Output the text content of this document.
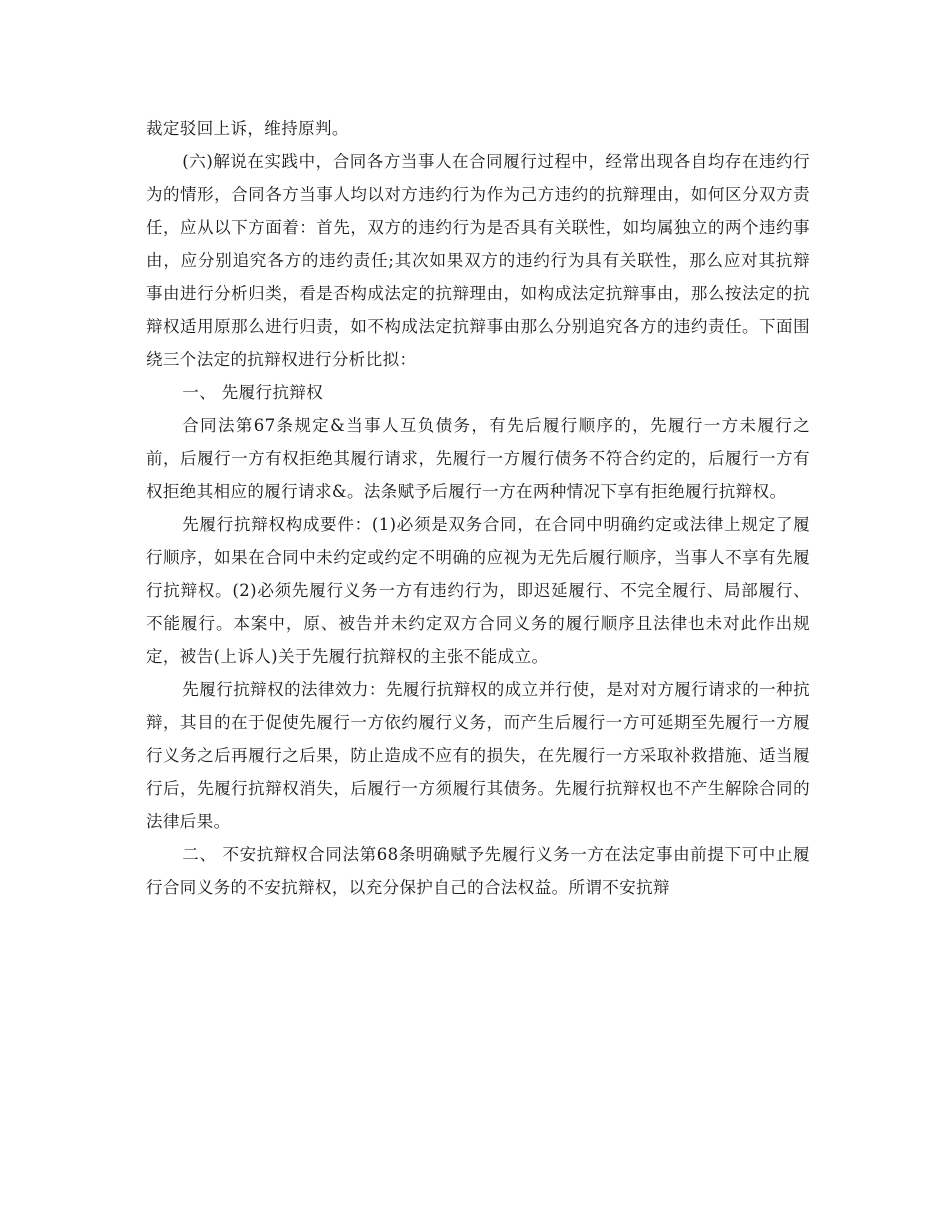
裁定驳回上诉，维持原判。

(六)解说在实践中，合同各方当事人在合同履行过程中，经常出现各自均存在违约行为的情形，合同各方当事人均以对方违约行为作为己方违约的抗辩理由，如何区分双方责任，应从以下方面着：首先，双方的违约行为是否具有关联性，如均属独立的两个违约事由，应分别追究各方的违约责任;其次如果双方的违约行为具有关联性，那么应对其抗辩事由进行分析归类，看是否构成法定的抗辩理由，如构成法定抗辩事由，那么按法定的抗辩权适用原那么进行归责，如不构成法定抗辩事由那么分别追究各方的违约责任。下面围绕三个法定的抗辩权进行分析比拟：

一、 先履行抗辩权

合同法第67条规定&当事人互负债务，有先后履行顺序的，先履行一方未履行之前，后履行一方有权拒绝其履行请求，先履行一方履行债务不符合约定的，后履行一方有权拒绝其相应的履行请求&。法条赋予后履行一方在两种情况下享有拒绝履行抗辩权。

先履行抗辩权构成要件：(1)必须是双务合同，在合同中明确约定或法律上规定了履行顺序，如果在合同中未约定或约定不明确的应视为无先后履行顺序，当事人不享有先履行抗辩权。(2)必须先履行义务一方有违约行为，即迟延履行、不完全履行、局部履行、不能履行。本案中，原、被告并未约定双方合同义务的履行顺序且法律也未对此作出规定，被告(上诉人)关于先履行抗辩权的主张不能成立。

先履行抗辩权的法律效力：先履行抗辩权的成立并行使，是对对方履行请求的一种抗辩，其目的在于促使先履行一方依约履行义务，而产生后履行一方可延期至先履行一方履行义务之后再履行之后果，防止造成不应有的损失，在先履行一方采取补救措施、适当履行后，先履行抗辩权消失，后履行一方须履行其债务。先履行抗辩权也不产生解除合同的法律后果。

二、 不安抗辩权合同法第68条明确赋予先履行义务一方在法定事由前提下可中止履行合同义务的不安抗辩权，以充分保护自己的合法权益。所谓不安抗辩
